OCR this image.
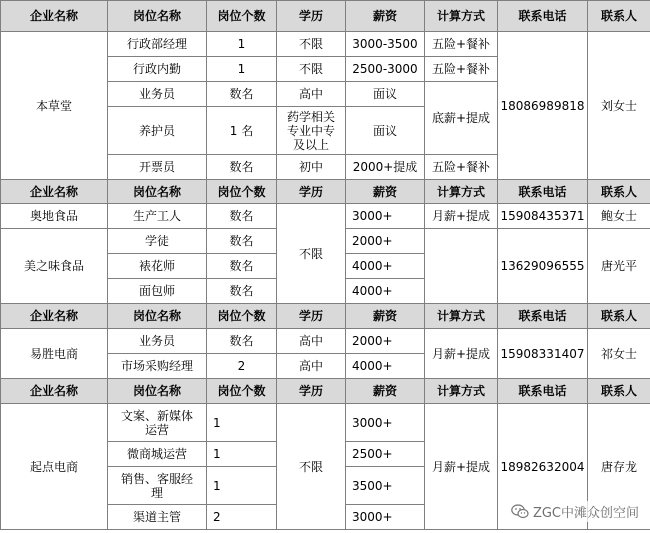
企业名称	岗位名称	岗位个数	学历	薪资	计算方式	联系电话	联系人
本草堂	行政部经理	1	不限	3000-3500	五险+餐补	18086989818	刘女士
	行政内勤	1	不限	2500-3000	五险+餐补		
	业务员	数名	高中	面议	底薪+提成		
	养护员	1 名	药学相关专业中专及以上	面议			
	开票员	数名	初中	2000+提成	五险+餐补		
企业名称	岗位名称	岗位个数	学历	薪资	计算方式	联系电话	联系人
奥地食品	生产工人	数名	不限	3000+	月薪+提成	15908435371	鲍女士
美之味食品	学徒	数名		2000+		13629096555	唐光平
	裱花师	数名		4000+			
	面包师	数名		4000+			
企业名称	岗位名称	岗位个数	学历	薪资	计算方式	联系电话	联系人
易胜电商	业务员	数名	高中	2000+	月薪+提成	15908331407	祁女士
	市场采购经理	2	高中	4000+			
企业名称	岗位名称	岗位个数	学历	薪资	计算方式	联系电话	联系人
起点电商	文案、新媒体运营	1	不限	3000+	月薪+提成	18982632004	唐存龙
	微商城运营	1		2500+			
	销售、客服经理	1		3500+			
	渠道主管	2		3000+				ZGC中滩众创空间
